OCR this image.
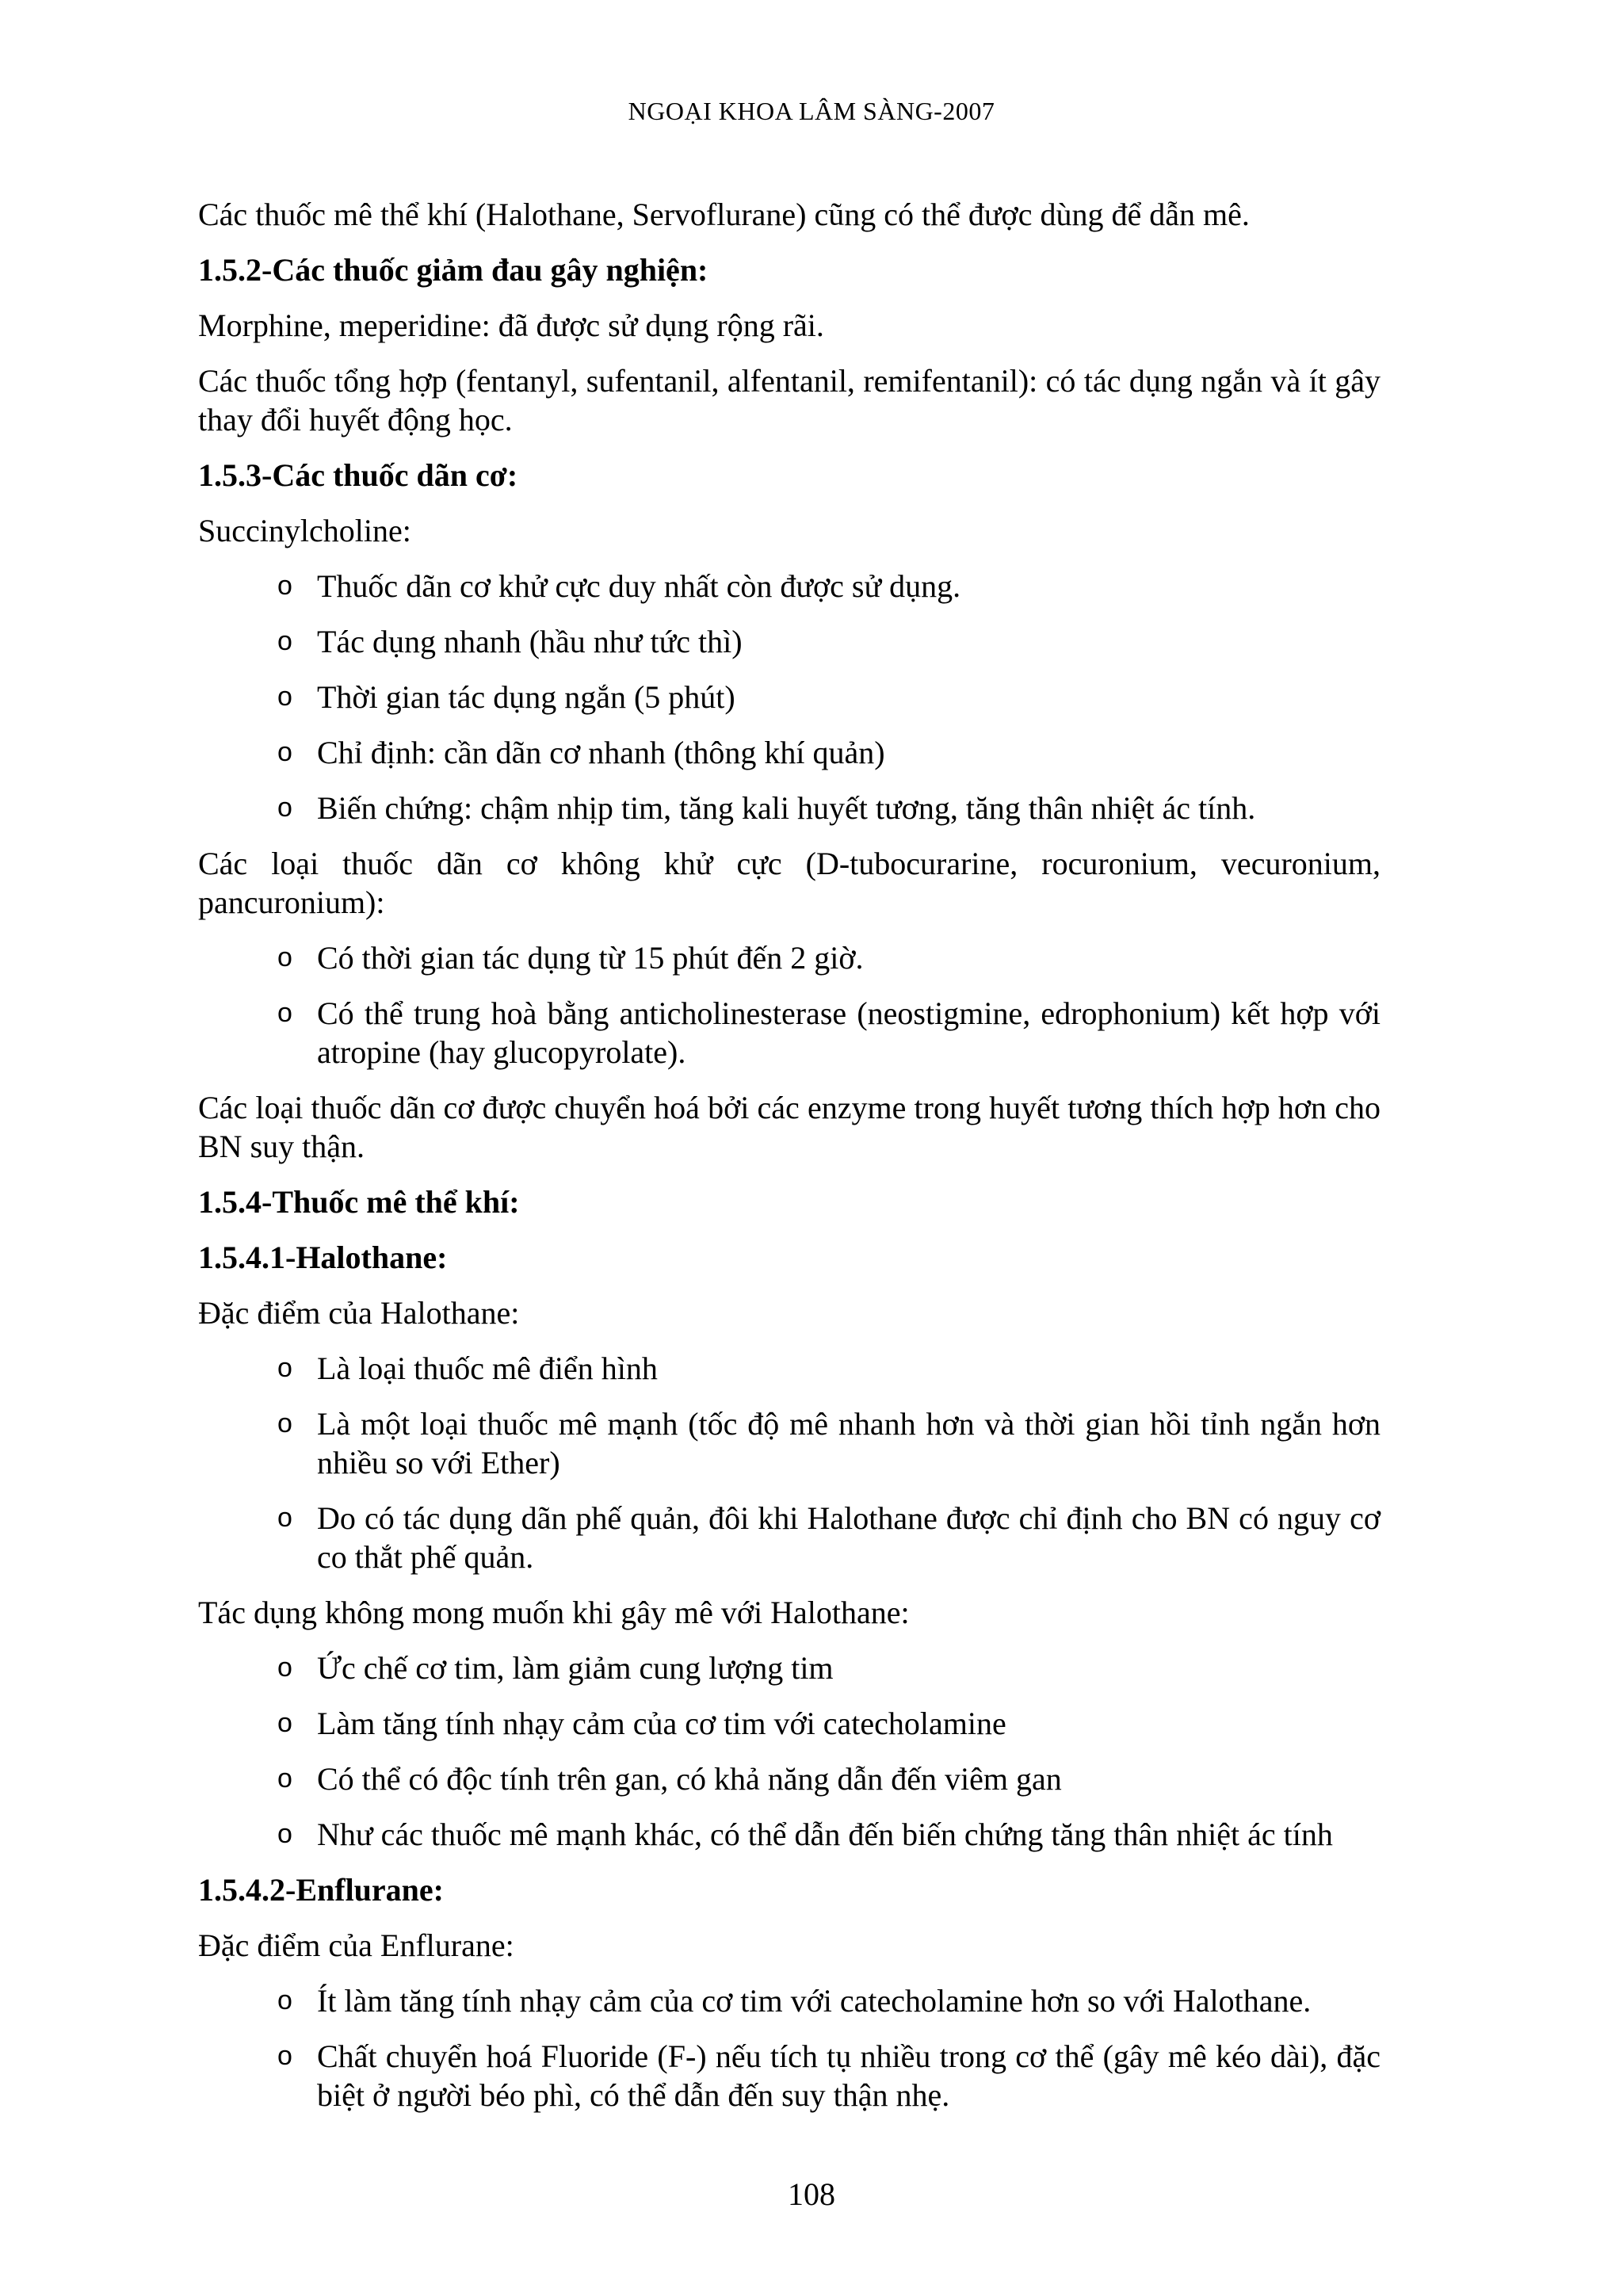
NGOẠI KHOA LÂM SÀNG-2007
Các thuốc mê thể khí (Halothane, Servoflurane) cũng có thể được dùng để dẫn mê.
1.5.2-Các thuốc giảm đau gây nghiện:
Morphine, meperidine: đã được sử dụng rộng rãi.
Các thuốc tổng hợp (fentanyl, sufentanil, alfentanil, remifentanil): có tác dụng ngắn và ít gây thay đổi huyết động học.
1.5.3-Các thuốc dãn cơ:
Succinylcholine:
o Thuốc dãn cơ khử cực duy nhất còn được sử dụng.
o Tác dụng nhanh (hầu như tức thì)
o Thời gian tác dụng ngắn (5 phút)
o Chỉ định: cần dãn cơ nhanh (thông khí quản)
o Biến chứng: chậm nhịp tim, tăng kali huyết tương, tăng thân nhiệt ác tính.
Các loại thuốc dãn cơ không khử cực (D-tubocurarine, rocuronium, vecuronium, pancuronium):
o Có thời gian tác dụng từ 15 phút đến 2 giờ.
o Có thể trung hoà bằng anticholinesterase (neostigmine, edrophonium) kết hợp với atropine (hay glucopyrolate).
Các loại thuốc dãn cơ được chuyển hoá bởi các enzyme trong huyết tương thích hợp hơn cho BN suy thận.
1.5.4-Thuốc mê thể khí:
1.5.4.1-Halothane:
Đặc điểm của Halothane:
o Là loại thuốc mê điển hình
o Là một loại thuốc mê mạnh (tốc độ mê nhanh hơn và thời gian hồi tỉnh ngắn hơn nhiều so với Ether)
o Do có tác dụng dãn phế quản, đôi khi Halothane được chỉ định cho BN có nguy cơ co thắt phế quản.
Tác dụng không mong muốn khi gây mê với Halothane:
o Ức chế cơ tim, làm giảm cung lượng tim
o Làm tăng tính nhạy cảm của cơ tim với catecholamine
o Có thể có độc tính trên gan, có khả năng dẫn đến viêm gan
o Như các thuốc mê mạnh khác, có thể dẫn đến biến chứng tăng thân nhiệt ác tính
1.5.4.2-Enflurane:
Đặc điểm của Enflurane:
o Ít làm tăng tính nhạy cảm của cơ tim với catecholamine hơn so với Halothane.
o Chất chuyển hoá Fluoride (F-) nếu tích tụ nhiều trong cơ thể (gây mê kéo dài), đặc biệt ở người béo phì, có thể dẫn đến suy thận nhẹ.
108
